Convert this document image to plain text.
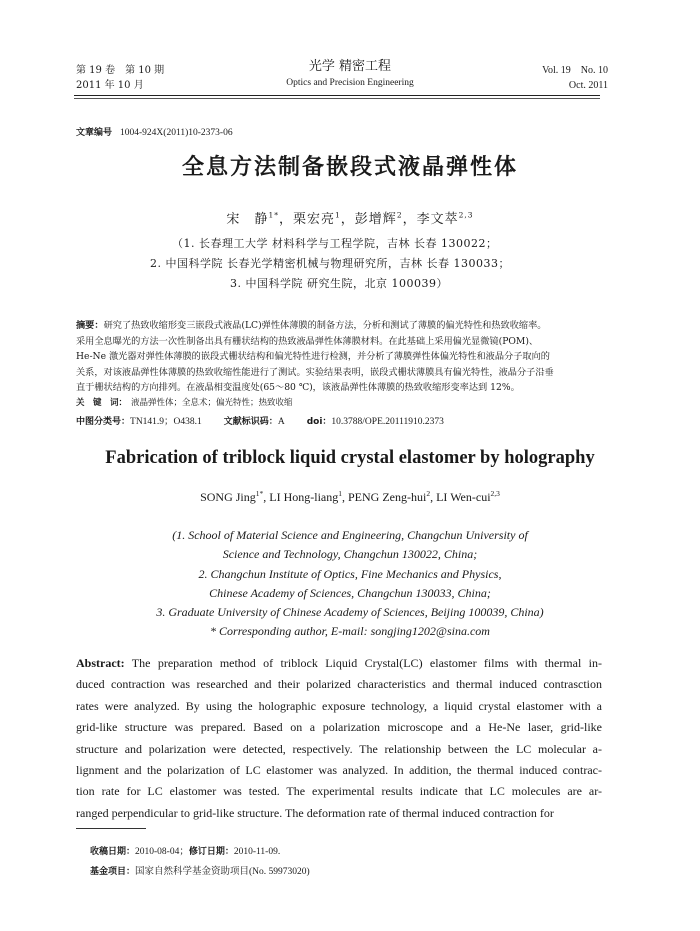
第 19 卷　第 10 期
2011 年 10 月
光学 精密工程
Optics and Precision Engineering
Vol. 19　No. 10
Oct. 2011
文章编号 1004-924X(2011)10-2373-06
全息方法制备嵌段式液晶弹性体
宋　静$^{1*}$，栗宏亮$^1$，彭增辉$^2$，李文萃$^{2,3}$
（1. 长春理工大学 材料科学与工程学院，吉林 长春 130022；
2. 中国科学院 长春光学精密机械与物理研究所，吉林 长春 130033；
3. 中国科学院 研究生院，北京 100039）
摘要：研究了热致收缩形变三嵌段式液晶(LC)弹性体薄膜的制备方法，分析和测试了薄膜的偏光特性和热致收缩率。
采用全息曝光的方法一次性制备出具有栅状结构的热致液晶弹性体薄膜材料。在此基础上采用偏光显微镜(POM)、
He-Ne 激光器对弹性体薄膜的嵌段式栅状结构和偏光特性进行检测，并分析了薄膜弹性体偏光特性和液晶分子取向的
关系，对该液晶弹性体薄膜的热致收缩性能进行了测试。实验结果表明，嵌段式栅状薄膜具有偏光特性，液晶分子沿垂
直于栅状结构的方向排列。在液晶相变温度处(65～80 ℃)，该液晶弹性体薄膜的热致收缩形变率达到 12%。
关　键　词： 液晶弹性体；全息术；偏光特性；热致收缩
中图分类号：TN141.9；O438.1 文献标识码：A doi：10.3788/OPE.20111910.2373
Fabrication of triblock liquid crystal elastomer by holography
SONG Jing$^{1*}$, LI Hong-liang$^1$, PENG Zeng-hui$^2$, LI Wen-cui$^{2,3}$
(1. School of Material Science and Engineering, Changchun University of
Science and Technology, Changchun 130022, China;
2. Changchun Institute of Optics, Fine Mechanics and Physics,
Chinese Academy of Sciences, Changchun 130033, China;
3. Graduate University of Chinese Academy of Sciences, Beijing 100039, China)
* Corresponding author, E-mail: songjing1202@sina.com
Abstract: The preparation method of triblock Liquid Crystal(LC) elastomer films with thermal in-
duced contraction was researched and their polarized characteristics and thermal induced contrasction
rates were analyzed. By using the holographic exposure technology, a liquid crystal elastomer with a
grid-like structure was prepared. Based on a polarization microscope and a He-Ne laser, grid-like
structure and polarization were detected, respectively. The relationship between the LC molecular a-
lignment and the polarization of LC elastomer was analyzed. In addition, the thermal induced contrac-
tion rate for LC elastomer was tested. The experimental results indicate that LC molecules are ar-
ranged perpendicular to grid-like structure. The deformation rate of thermal induced contraction for
收稿日期：2010-08-04；修订日期：2010-11-09.
基金项目：国家自然科学基金资助项目(No. 59973020)
